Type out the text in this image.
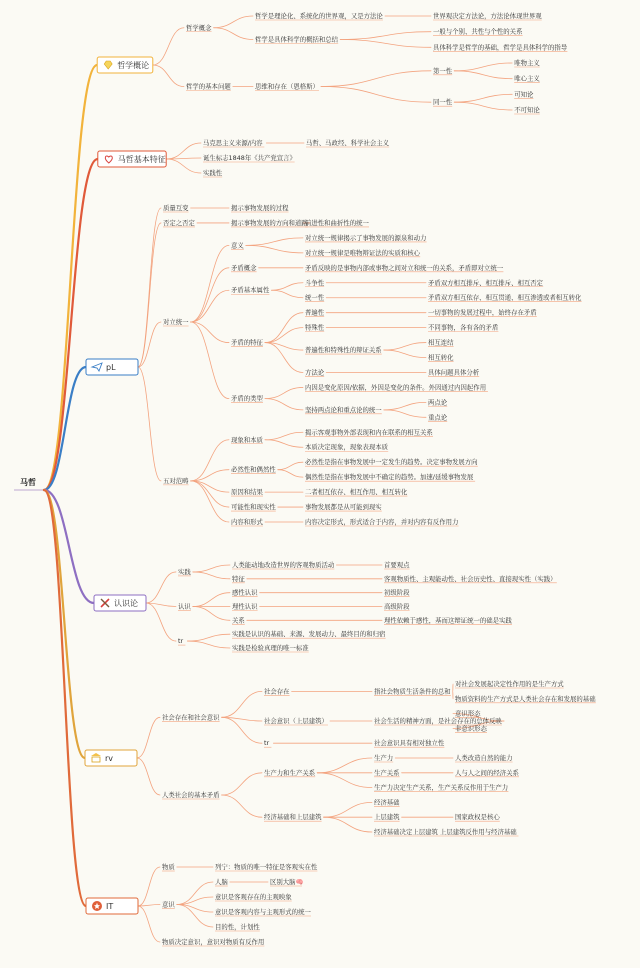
马哲
哲学概论
哲学概念
哲学是理论化、系统化的世界观，又是方法论	世界观决定方法论，方法论体现世界观
哲学是具体科学的概括和总结
一般与个别、共性与个性的关系
具体科学是哲学的基础，哲学是具体科学的指导
哲学的基本问题	思维和存在（恩格斯）
第一性
唯物主义
唯心主义
同一性
可知论
不可知论
马哲基本特征
马克思主义来源/内容	马哲、马政经、科学社会主义
诞生标志1848年《共产党宣言》
实践性
pL
质量互变	揭示事物发展的过程
否定之否定	揭示事物发展的方向和道路
前进性和曲折性的统一
对立统一
意义
对立统一规律揭示了事物发展的源泉和动力
对立统一规律是唯物辩证法的实质和核心
矛盾概念	矛盾反映的是事物内部或事物之间对立和统一的关系，矛盾即对立统一
矛盾基本属性
斗争性	矛盾双方相互排斥、相互排斥、相互否定
统一性	矛盾双方相互依存、相互贯通、相互渗透或者相互转化
矛盾的特征
普遍性	一切事物的发展过程中，始终存在矛盾
特殊性	不同事物，各有各的矛盾
普遍性和特殊性的辩证关系
相互连结
相互转化
方法论	具体问题具体分析
矛盾的类型
内因是变化原因/依据，外因是变化的条件。外因通过内因起作用
坚持两点论和重点论的统一
两点论
重点论
五对范畴
现象和本质
揭示客观事物外部表现和内在联系的相互关系
本质决定现象，现象表现本质
必然性和偶然性
必然性是指在事物发展中一定发生的趋势。决定事物发展方向
偶然性是指在事物发展中不确定的趋势。加速/延缓事物发展
原因和结果	二者相互依存、相互作用、相互转化
可能性和现实性	事物发展都是从可能到现实
内容和形式	内容决定形式，形式适合于内容，并对内容有反作用力
认识论
实践
人类能动地改造世界的客观物质活动	首要观点
特征	客观物质性、主观能动性、社会历史性、直接现实性（实践）
认识
感性认识	初级阶段
理性认识	高级阶段
关系	理性依赖于感性，基而这辩证统一的础是实践
tr
实践是认识的基础、来源、发展动力、最终目的和归宿
实践是检验真理的唯一标准
rv
社会存在和社会意识
社会存在	指社会物质生活条件的总和
对社会发展起决定性作用的是生产方式
物质资料的生产方式是人类社会存在和发展的基础
社会意识（上层建筑）	社会生活的精神方面，是社会存在的总体反映
意识形态
非意识形态
tr	社会意识具有相对独立性
人类社会的基本矛盾
生产力和生产关系
生产力	人类改造自然的能力
生产关系	人与人之间的经济关系
生产力决定生产关系，生产关系反作用于生产力
经济基础和上层建筑
经济基础
上层建筑	国家政权是核心
经济基础决定上层建筑 上层建筑反作用与经济基础
IT
物质	列宁：物质的唯一特征是客观实在性
意识
人脑	区别大脑🧠
意识是客观存在的主观映象
意识是客观内容与主观形式的统一
目的性，计划性
物质决定意识，意识对物质有反作用
